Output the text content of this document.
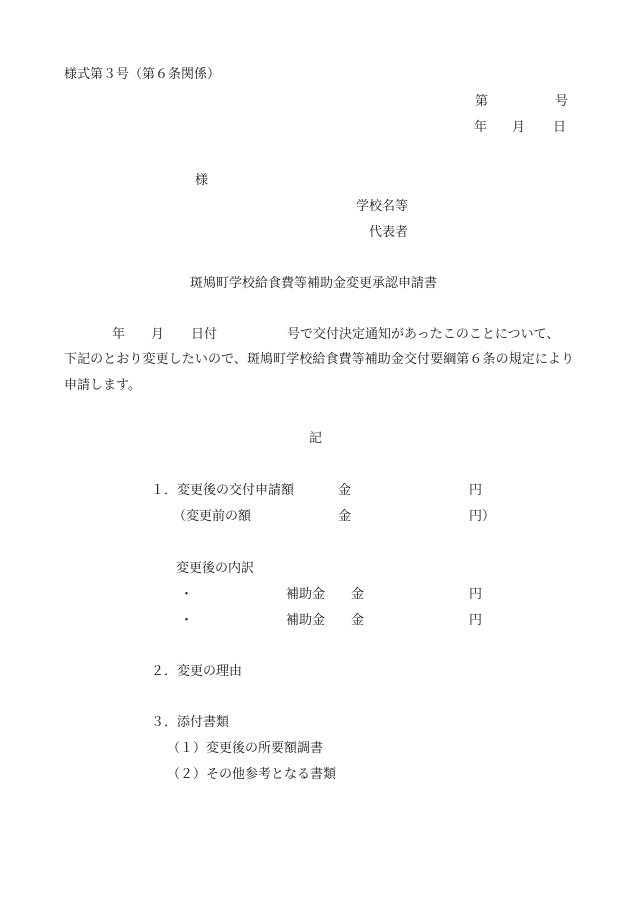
様式第３号（第６条関係）
第	号
年 月 日
様
学校名等
代表者
斑鳩町学校給食費等補助金変更承認申請書
年 月 日付	号で交付決定通知があったこのことについて、
下記のとおり変更したいので、斑鳩町学校給食費等補助金交付要綱第６条の規定により申請します。
記
１．変更後の交付申請額	金	円
（変更前の額	金	円）
変更後の内訳
・	補助金 金	円
・	補助金 金	円
２．変更の理由
３．添付書類
（１）変更後の所要額調書
（２）その他参考となる書類
